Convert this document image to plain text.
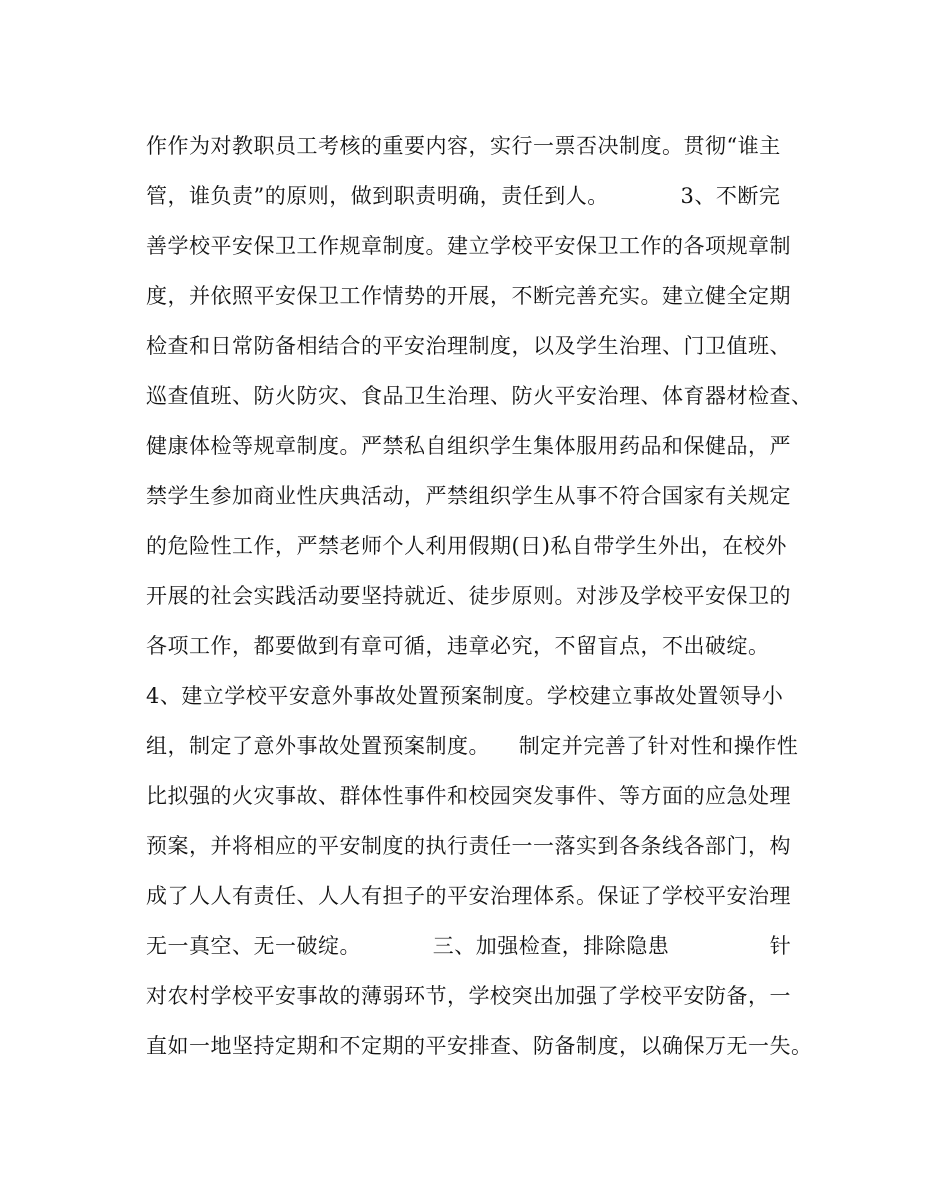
作作为对教职员工考核的重要内容，实行一票否决制度。贯彻“谁主
管，谁负责”的原则，做到职责明确，责任到人。          3、不断完
善学校平安保卫工作规章制度。建立学校平安保卫工作的各项规章制
度，并依照平安保卫工作情势的开展，不断完善充实。建立健全定期
检查和日常防备相结合的平安治理制度，以及学生治理、门卫值班、
巡查值班、防火防灾、食品卫生治理、防火平安治理、体育器材检查、
健康体检等规章制度。严禁私自组织学生集体服用药品和保健品，严
禁学生参加商业性庆典活动，严禁组织学生从事不符合国家有关规定
的危险性工作，严禁老师个人利用假期(日)私自带学生外出，在校外
开展的社会实践活动要坚持就近、徒步原则。对涉及学校平安保卫的
各项工作，都要做到有章可循，违章必究，不留盲点，不出破绽。
4、建立学校平安意外事故处置预案制度。学校建立事故处置领导小
组，制定了意外事故处置预案制度。    制定并完善了针对性和操作性
比拟强的火灾事故、群体性事件和校园突发事件、等方面的应急处理
预案，并将相应的平安制度的执行责任一一落实到各条线各部门，构
成了人人有责任、人人有担子的平安治理体系。保证了学校平安治理
无一真空、无一破绽。          三、加强检查，排除隐患              针
对农村学校平安事故的薄弱环节，学校突出加强了学校平安防备，一
直如一地坚持定期和不定期的平安排查、防备制度，以确保万无一失。
